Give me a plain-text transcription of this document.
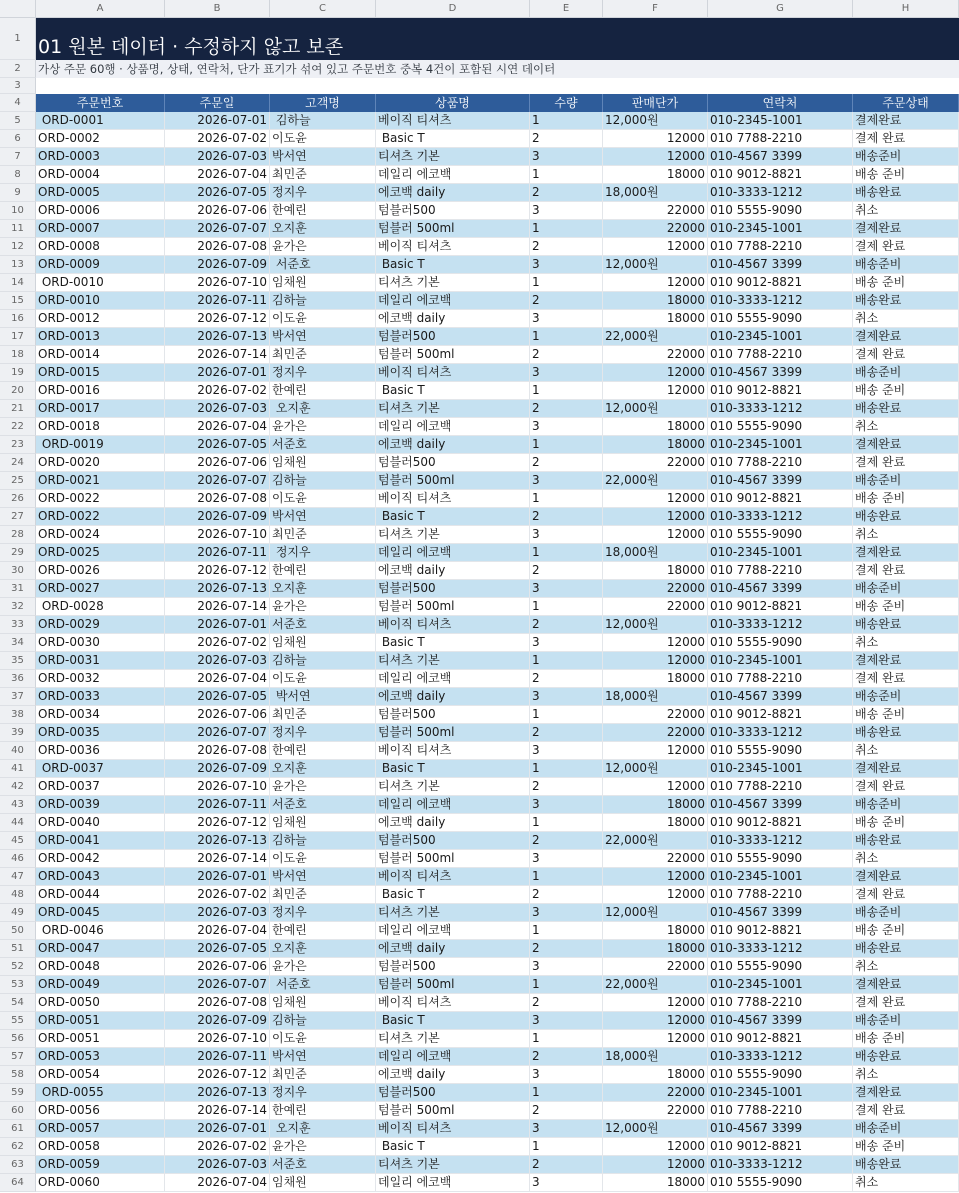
A	B	C	D	E	F	G	H
1
2
3
4
5
6
7
8
9
10
11
12
13
14
15
16
17
18
19
20
21
22
23
24
25
26
27
28
29
30
31
32
33
34
35
36
37
38
39
40
41
42
43
44
45
46
47
48
49
50
51
52
53
54
55
56
57
58
59
60
61
62
63
64
01 원본 데이터 · 수정하지 않고 보존
가상 주문 60행 · 상품명, 상태, 연락처, 단가 표기가 섞여 있고 주문번호 중복 4건이 포함된 시연 데이터
주문번호	주문일	고객명	상품명	수량	판매단가	연락처	주문상태
ORD-0001	2026-07-01 김하늘	베이직 티셔츠	1	12,000원	010-2345-1001	결제완료
ORD-0002	2026-07-02 이도윤	Basic T	2	12000 010 7788-2210	결제 완료
ORD-0003	2026-07-03 박서연	티셔츠 기본	3	12000 010-4567 3399	배송준비
ORD-0004	2026-07-04 최민준	데일리 에코백	1	18000 010 9012-8821	배송 준비
ORD-0005	2026-07-05 정지우	에코백 daily	2	18,000원	010-3333-1212	배송완료
ORD-0006	2026-07-06 한예린	텀블러500	3	22000 010 5555-9090	취소
ORD-0007	2026-07-07 오지훈	텀블러 500ml	1	22000 010-2345-1001	결제완료
ORD-0008	2026-07-08 윤가은	베이직 티셔츠	2	12000 010 7788-2210	결제 완료
ORD-0009	2026-07-09 서준호	Basic T	3	12,000원	010-4567 3399	배송준비
ORD-0010	2026-07-10 임채원	티셔츠 기본	1	12000 010 9012-8821	배송 준비
ORD-0010	2026-07-11 김하늘	데일리 에코백	2	18000 010-3333-1212	배송완료
ORD-0012	2026-07-12 이도윤	에코백 daily	3	18000 010 5555-9090	취소
ORD-0013	2026-07-13 박서연	텀블러500	1	22,000원	010-2345-1001	결제완료
ORD-0014	2026-07-14 최민준	텀블러 500ml	2	22000 010 7788-2210	결제 완료
ORD-0015	2026-07-01 정지우	베이직 티셔츠	3	12000 010-4567 3399	배송준비
ORD-0016	2026-07-02 한예린	Basic T	1	12000 010 9012-8821	배송 준비
ORD-0017	2026-07-03 오지훈	티셔츠 기본	2	12,000원	010-3333-1212	배송완료
ORD-0018	2026-07-04 윤가은	데일리 에코백	3	18000 010 5555-9090	취소
ORD-0019	2026-07-05 서준호	에코백 daily	1	18000 010-2345-1001	결제완료
ORD-0020	2026-07-06 임채원	텀블러500	2	22000 010 7788-2210	결제 완료
ORD-0021	2026-07-07 김하늘	텀블러 500ml	3	22,000원	010-4567 3399	배송준비
ORD-0022	2026-07-08 이도윤	베이직 티셔츠	1	12000 010 9012-8821	배송 준비
ORD-0022	2026-07-09 박서연	Basic T	2	12000 010-3333-1212	배송완료
ORD-0024	2026-07-10 최민준	티셔츠 기본	3	12000 010 5555-9090	취소
ORD-0025	2026-07-11 정지우	데일리 에코백	1	18,000원	010-2345-1001	결제완료
ORD-0026	2026-07-12 한예린	에코백 daily	2	18000 010 7788-2210	결제 완료
ORD-0027	2026-07-13 오지훈	텀블러500	3	22000 010-4567 3399	배송준비
ORD-0028	2026-07-14 윤가은	텀블러 500ml	1	22000 010 9012-8821	배송 준비
ORD-0029	2026-07-01 서준호	베이직 티셔츠	2	12,000원	010-3333-1212	배송완료
ORD-0030	2026-07-02 임채원	Basic T	3	12000 010 5555-9090	취소
ORD-0031	2026-07-03 김하늘	티셔츠 기본	1	12000 010-2345-1001	결제완료
ORD-0032	2026-07-04 이도윤	데일리 에코백	2	18000 010 7788-2210	결제 완료
ORD-0033	2026-07-05 박서연	에코백 daily	3	18,000원	010-4567 3399	배송준비
ORD-0034	2026-07-06 최민준	텀블러500	1	22000 010 9012-8821	배송 준비
ORD-0035	2026-07-07 정지우	텀블러 500ml	2	22000 010-3333-1212	배송완료
ORD-0036	2026-07-08 한예린	베이직 티셔츠	3	12000 010 5555-9090	취소
ORD-0037	2026-07-09 오지훈	Basic T	1	12,000원	010-2345-1001	결제완료
ORD-0037	2026-07-10 윤가은	티셔츠 기본	2	12000 010 7788-2210	결제 완료
ORD-0039	2026-07-11 서준호	데일리 에코백	3	18000 010-4567 3399	배송준비
ORD-0040	2026-07-12 임채원	에코백 daily	1	18000 010 9012-8821	배송 준비
ORD-0041	2026-07-13 김하늘	텀블러500	2	22,000원	010-3333-1212	배송완료
ORD-0042	2026-07-14 이도윤	텀블러 500ml	3	22000 010 5555-9090	취소
ORD-0043	2026-07-01 박서연	베이직 티셔츠	1	12000 010-2345-1001	결제완료
ORD-0044	2026-07-02 최민준	Basic T	2	12000 010 7788-2210	결제 완료
ORD-0045	2026-07-03 정지우	티셔츠 기본	3	12,000원	010-4567 3399	배송준비
ORD-0046	2026-07-04 한예린	데일리 에코백	1	18000 010 9012-8821	배송 준비
ORD-0047	2026-07-05 오지훈	에코백 daily	2	18000 010-3333-1212	배송완료
ORD-0048	2026-07-06 윤가은	텀블러500	3	22000 010 5555-9090	취소
ORD-0049	2026-07-07 서준호	텀블러 500ml	1	22,000원	010-2345-1001	결제완료
ORD-0050	2026-07-08 임채원	베이직 티셔츠	2	12000 010 7788-2210	결제 완료
ORD-0051	2026-07-09 김하늘	Basic T	3	12000 010-4567 3399	배송준비
ORD-0051	2026-07-10 이도윤	티셔츠 기본	1	12000 010 9012-8821	배송 준비
ORD-0053	2026-07-11 박서연	데일리 에코백	2	18,000원	010-3333-1212	배송완료
ORD-0054	2026-07-12 최민준	에코백 daily	3	18000 010 5555-9090	취소
ORD-0055	2026-07-13 정지우	텀블러500	1	22000 010-2345-1001	결제완료
ORD-0056	2026-07-14 한예린	텀블러 500ml	2	22000 010 7788-2210	결제 완료
ORD-0057	2026-07-01 오지훈	베이직 티셔츠	3	12,000원	010-4567 3399	배송준비
ORD-0058	2026-07-02 윤가은	Basic T	1	12000 010 9012-8821	배송 준비
ORD-0059	2026-07-03 서준호	티셔츠 기본	2	12000 010-3333-1212	배송완료
ORD-0060	2026-07-04 임채원	데일리 에코백	3	18000 010 5555-9090	취소
